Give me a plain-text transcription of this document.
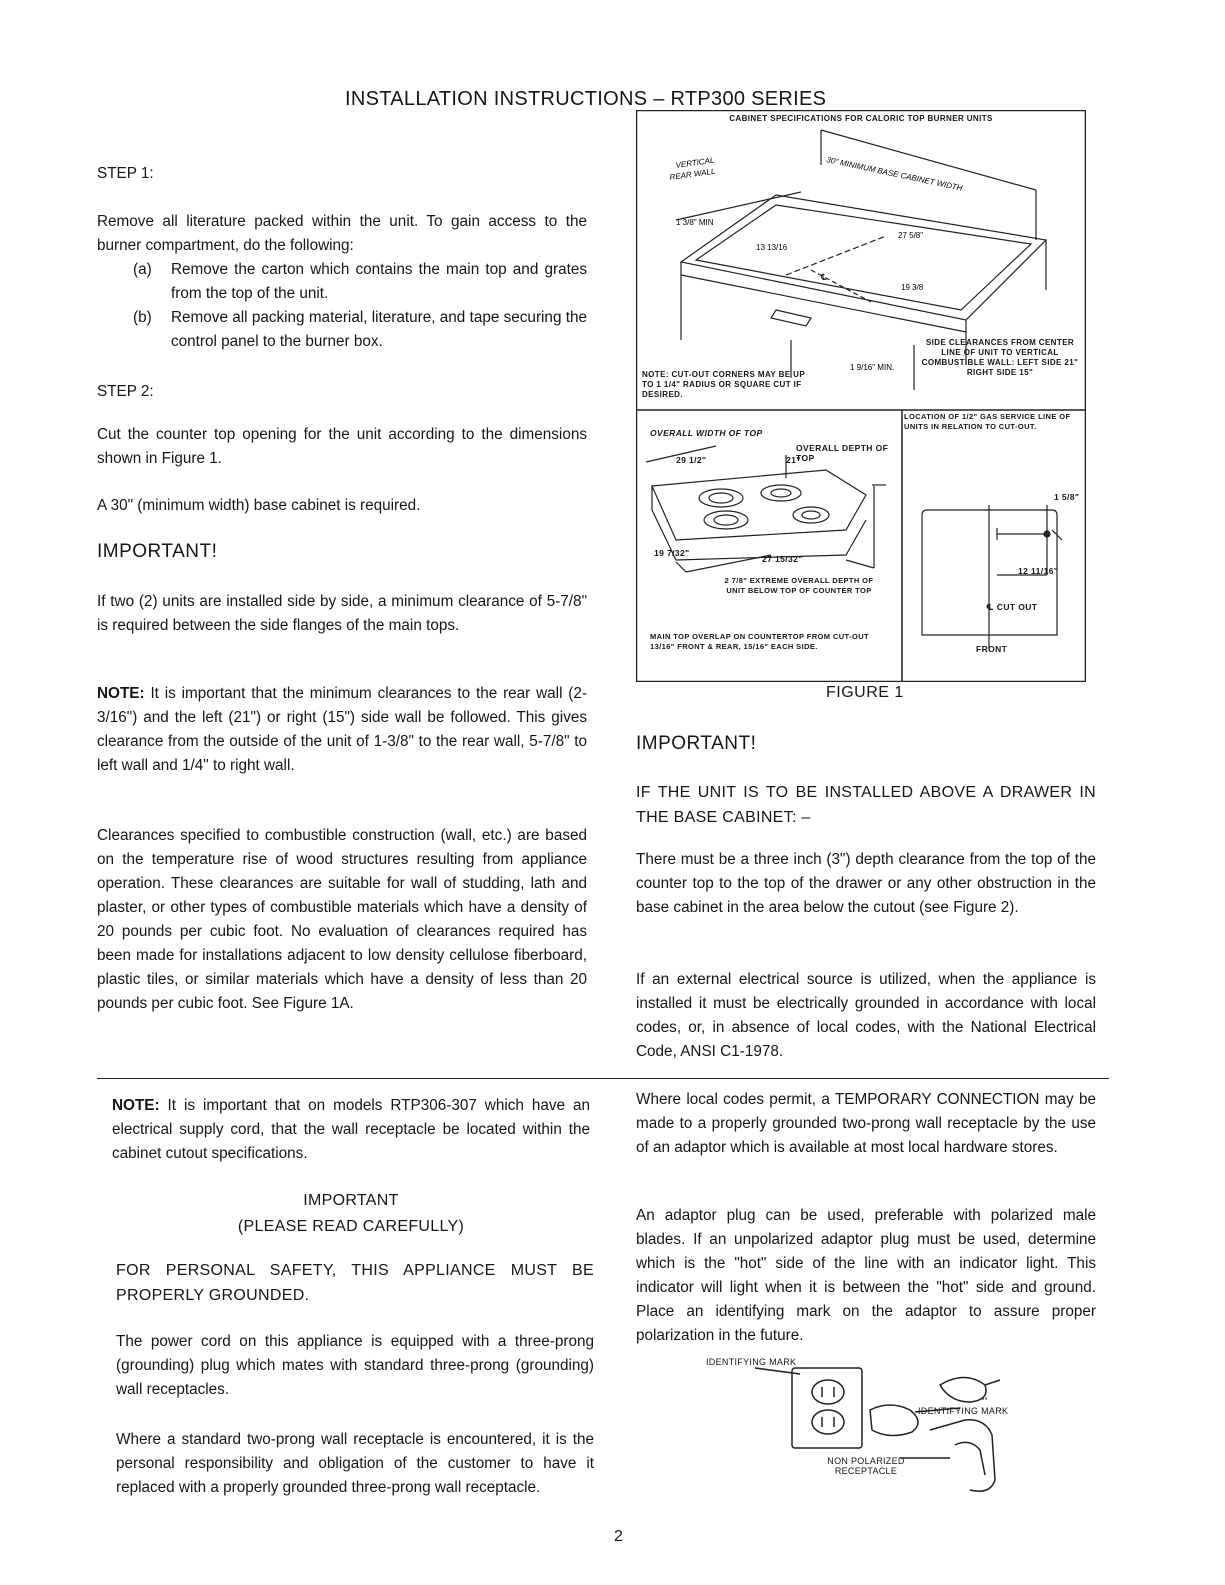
INSTALLATION INSTRUCTIONS – RTP300 SERIES
STEP 1:

Remove all literature packed within the unit. To gain access to the burner compartment, do the following:

(a)	Remove the carton which contains the main top and grates from the top of the unit.
(b)	Remove all packing material, literature, and tape securing the control panel to the burner box.
STEP 2:

Cut the counter top opening for the unit according to the dimensions shown in Figure 1.

A 30" (minimum width) base cabinet is required.

IMPORTANT!

If two (2) units are installed side by side, a minimum clearance of 5-7/8" is required between the side flanges of the main tops.

NOTE: It is important that the minimum clearances to the rear wall (2-3/16") and the left (21") or right (15") side wall be followed. This gives clearance from the outside of the unit of 1-3/8" to the rear wall, 5-7/8" to left wall and 1/4" to right wall.

Clearances specified to combustible construction (wall, etc.) are based on the temperature rise of wood structures resulting from appliance operation. These clearances are suitable for wall of studding, lath and plaster, or other types of combustible materials which have a density of 20 pounds per cubic foot. No evaluation of clearances required has been made for installations adjacent to low density cellulose fiberboard, plastic tiles, or similar materials which have a density of less than 20 pounds per cubic foot. See Figure 1A.

NOTE: It is important that on models RTP306-307 which have an electrical supply cord, that the wall receptacle be located within the cabinet cutout specifications.

IMPORTANT
(PLEASE READ CAREFULLY)

FOR PERSONAL SAFETY, THIS APPLIANCE MUST BE PROPERLY GROUNDED.

The power cord on this appliance is equipped with a three-prong (grounding) plug which mates with standard three-prong (grounding) wall receptacles.

Where a standard two-prong wall receptacle is encountered, it is the personal responsibility and obligation of the customer to have it replaced with a properly grounded three-prong wall receptacle.

VERTICAL
REAR WALL	30" MINIMUM BASE CABINET WIDTH
1 3/8" MIN
13 13/16
27 5/8"
19 3/8
℄
1 9/16" MIN.
CABINET SPECIFICATIONS FOR CALORIC TOP BURNER UNITS
NOTE: CUT-OUT CORNERS MAY BE UP TO 1 1/4" RADIUS OR SQUARE CUT IF DESIRED.
SIDE CLEARANCES FROM CENTER LINE OF UNIT TO VERTICAL COMBUSTIBLE WALL: LEFT SIDE 21" RIGHT SIDE 15"
OVERALL WIDTH OF TOP
29 1/2"
OVERALL DEPTH OF TOP
21"
19 7/32"
27 15/32"
2 7/8" EXTREME OVERALL DEPTH OF UNIT BELOW TOP OF COUNTER TOP
MAIN TOP OVERLAP ON COUNTERTOP FROM CUT-OUT 13/16" FRONT & REAR, 15/16" EACH SIDE.
LOCATION OF 1/2" GAS SERVICE LINE OF UNITS IN RELATION TO CUT-OUT.
1 5/8"
12 11/16"
℄ CUT OUT
FRONT
FIGURE 1
IMPORTANT!

IF THE UNIT IS TO BE INSTALLED ABOVE A DRAWER IN THE BASE CABINET: –

There must be a three inch (3") depth clearance from the top of the counter top to the top of the drawer or any other obstruction in the base cabinet in the area below the cutout (see Figure 2).

If an external electrical source is utilized, when the appliance is installed it must be electrically grounded in accordance with local codes, or, in absence of local codes, with the National Electrical Code, ANSI C1-1978.

Where local codes permit, a TEMPORARY CONNECTION may be made to a properly grounded two-prong wall receptacle by the use of an adaptor which is available at most local hardware stores.

An adaptor plug can be used, preferable with polarized male blades. If an unpolarized adaptor plug must be used, determine which is the "hot" side of the line with an indicator light. This indicator will light when it is between the "hot" side and ground. Place an identifying mark on the adaptor to assure proper polarization in the future.

''
IDENTIFYING MARK
IDENTIFYING MARK
NON POLARIZED RECEPTACLE
2
